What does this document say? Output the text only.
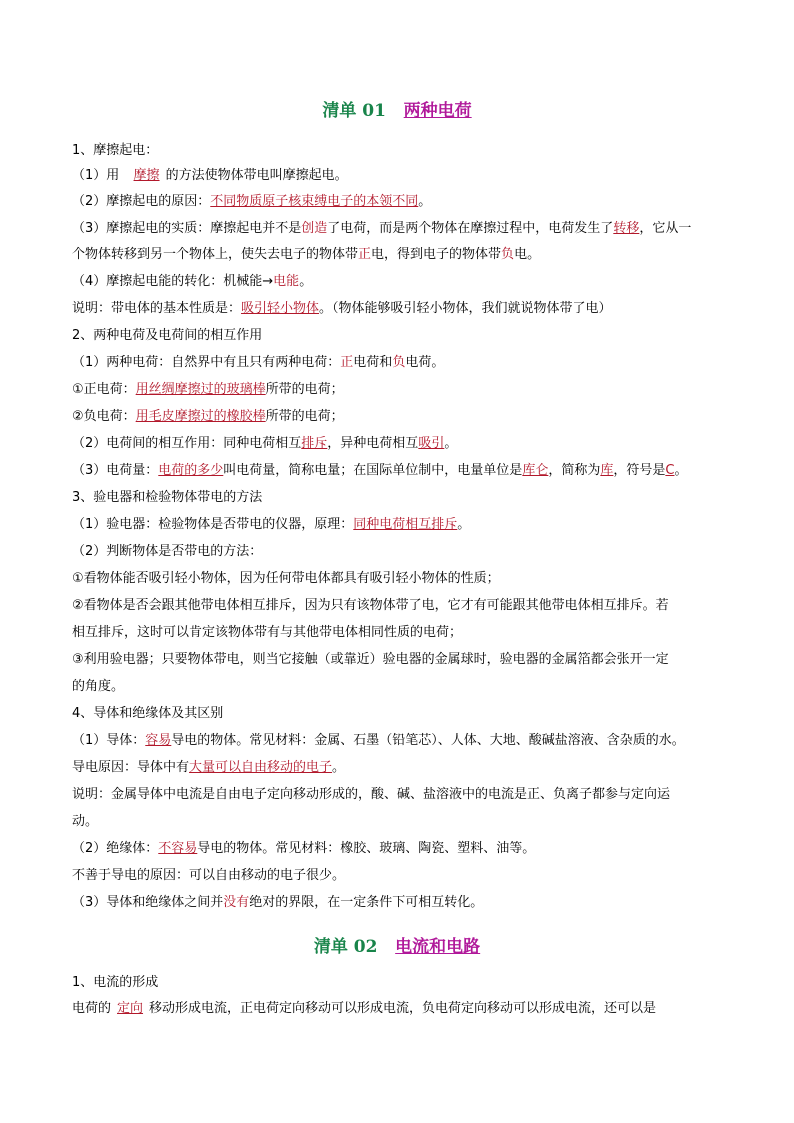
清单 01 两种电荷
1、摩擦起电：
（1）用 摩擦 的方法使物体带电叫摩擦起电。
（2）摩擦起电的原因：不同物质原子核束缚电子的本领不同。
（3）摩擦起电的实质：摩擦起电并不是创造了电荷，而是两个物体在摩擦过程中，电荷发生了转移，它从一
个物体转移到另一个物体上，使失去电子的物体带正电，得到电子的物体带负电。
（4）摩擦起电能的转化：机械能→电能。
说明：带电体的基本性质是：吸引轻小物体。（物体能够吸引轻小物体，我们就说物体带了电）
2、两种电荷及电荷间的相互作用
（1）两种电荷：自然界中有且只有两种电荷：正电荷和负电荷。
①正电荷：用丝绸摩擦过的玻璃棒所带的电荷；
②负电荷：用毛皮摩擦过的橡胶棒所带的电荷；
（2）电荷间的相互作用：同种电荷相互排斥，异种电荷相互吸引。
（3）电荷量：电荷的多少叫电荷量，简称电量；在国际单位制中，电量单位是库仑，简称为库，符号是C。
3、验电器和检验物体带电的方法
（1）验电器：检验物体是否带电的仪器，原理：同种电荷相互排斥。
（2）判断物体是否带电的方法：
①看物体能否吸引轻小物体，因为任何带电体都具有吸引轻小物体的性质；
②看物体是否会跟其他带电体相互排斥，因为只有该物体带了电，它才有可能跟其他带电体相互排斥。若
相互排斥，这时可以肯定该物体带有与其他带电体相同性质的电荷；
③利用验电器；只要物体带电，则当它接触（或靠近）验电器的金属球时，验电器的金属箔都会张开一定
的角度。
4、导体和绝缘体及其区别
（1）导体：容易导电的物体。常见材料：金属、石墨（铅笔芯）、人体、大地、酸碱盐溶液、含杂质的水。
导电原因：导体中有大量可以自由移动的电子。
说明：金属导体中电流是自由电子定向移动形成的，酸、碱、盐溶液中的电流是正、负离子都参与定向运
动。
（2）绝缘体：不容易导电的物体。常见材料：橡胶、玻璃、陶瓷、塑料、油等。
不善于导电的原因：可以自由移动的电子很少。
（3）导体和绝缘体之间并没有绝对的界限，在一定条件下可相互转化。
清单 02 电流和电路
1、电流的形成
电荷的 定向 移动形成电流，正电荷定向移动可以形成电流，负电荷定向移动可以形成电流，还可以是
